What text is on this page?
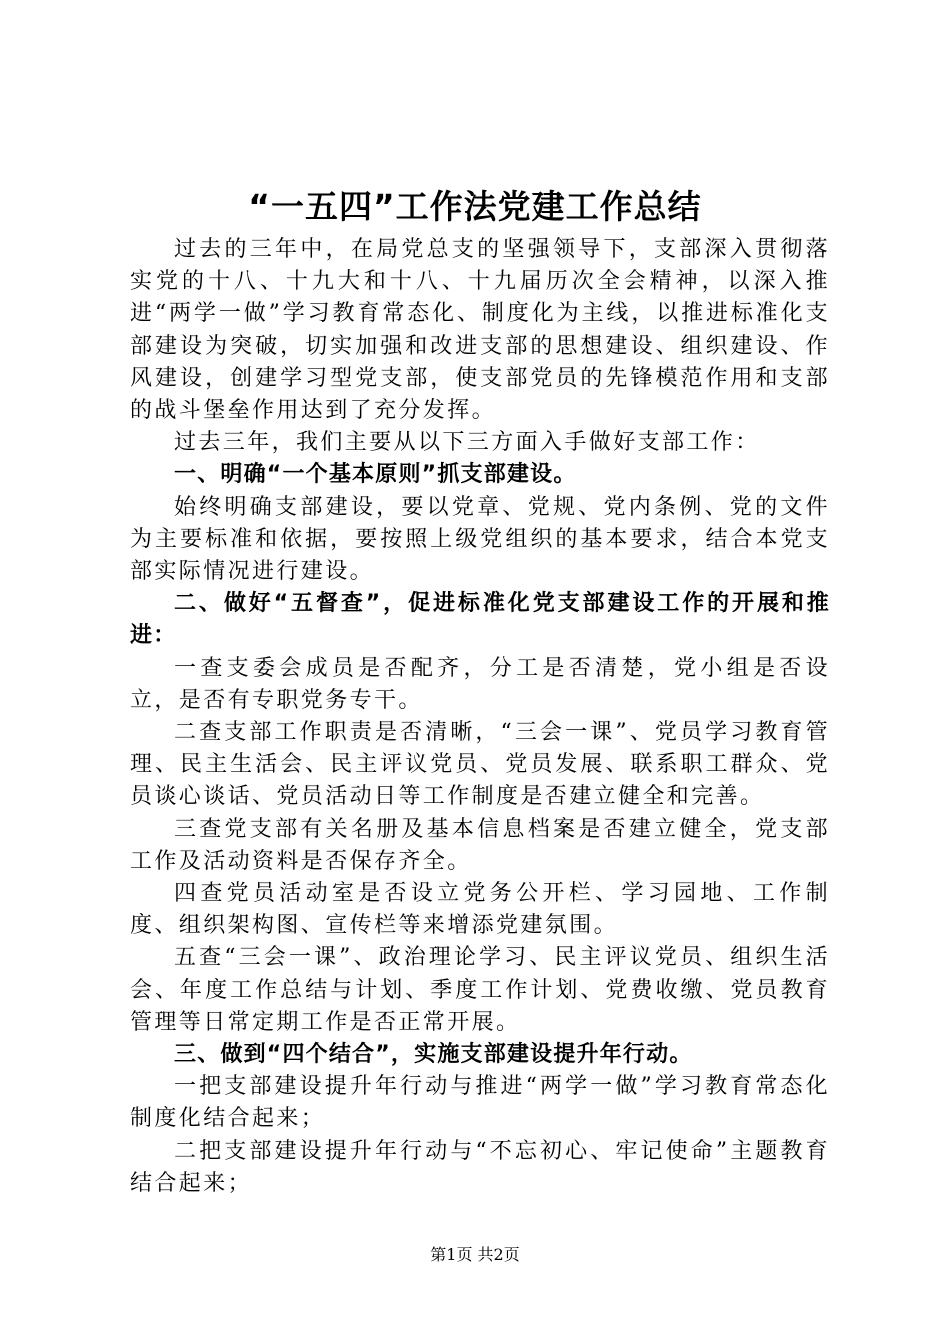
“一五四”工作法党建工作总结

过去的三年中，在局党总支的坚强领导下，支部深入贯彻落实党的十八、十九大和十八、十九届历次全会精神，以深入推进“两学一做”学习教育常态化、制度化为主线，以推进标准化支部建设为突破，切实加强和改进支部的思想建设、组织建设、作风建设，创建学习型党支部，使支部党员的先锋模范作用和支部的战斗堡垒作用达到了充分发挥。

过去三年，我们主要从以下三方面入手做好支部工作：

一、明确“一个基本原则”抓支部建设。

始终明确支部建设，要以党章、党规、党内条例、党的文件为主要标准和依据，要按照上级党组织的基本要求，结合本党支部实际情况进行建设。

二、做好“五督查”，促进标准化党支部建设工作的开展和推进：

一查支委会成员是否配齐，分工是否清楚，党小组是否设立，是否有专职党务专干。

二查支部工作职责是否清晰，“三会一课”、党员学习教育管理、民主生活会、民主评议党员、党员发展、联系职工群众、党员谈心谈话、党员活动日等工作制度是否建立健全和完善。

三查党支部有关名册及基本信息档案是否建立健全，党支部工作及活动资料是否保存齐全。

四查党员活动室是否设立党务公开栏、学习园地、工作制度、组织架构图、宣传栏等来增添党建氛围。

五查“三会一课”、政治理论学习、民主评议党员、组织生活会、年度工作总结与计划、季度工作计划、党费收缴、党员教育管理等日常定期工作是否正常开展。

三、做到“四个结合”，实施支部建设提升年行动。

一把支部建设提升年行动与推进“两学一做”学习教育常态化制度化结合起来；

二把支部建设提升年行动与“不忘初心、牢记使命”主题教育结合起来；

第1页 共2页
